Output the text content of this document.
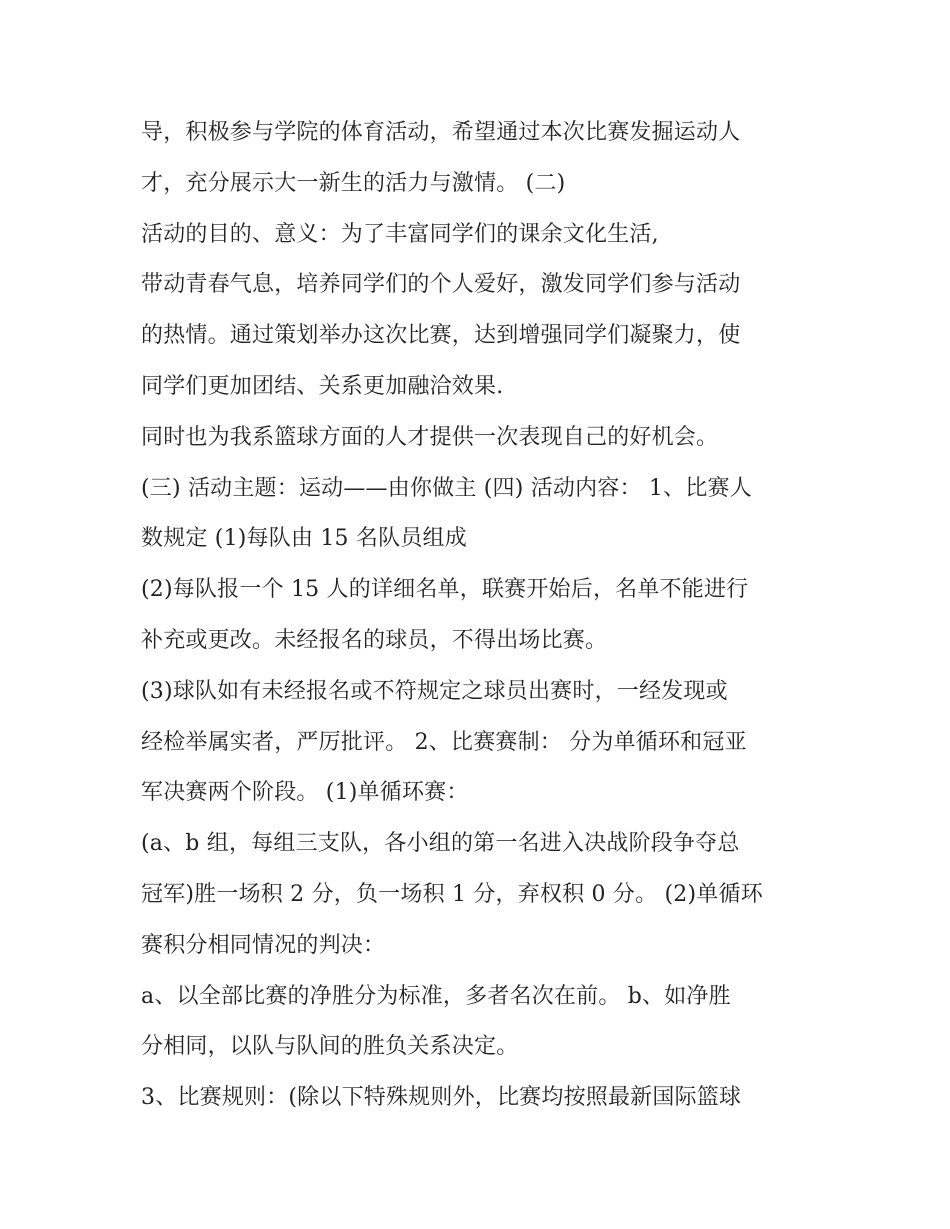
导，积极参与学院的体育活动，希望通过本次比赛发掘运动人
才，充分展示大一新生的活力与激情。 (二)
活动的目的、意义：为了丰富同学们的课余文化生活,
带动青春气息，培养同学们的个人爱好，激发同学们参与活动
的热情。通过策划举办这次比赛，达到增强同学们凝聚力，使
同学们更加团结、关系更加融洽效果.
同时也为我系篮球方面的人才提供一次表现自己的好机会。
(三) 活动主题：运动——由你做主 (四) 活动内容： 1、比赛人
数规定 (1)每队由 15 名队员组成
(2)每队报一个 15 人的详细名单，联赛开始后，名单不能进行
补充或更改。未经报名的球员，不得出场比赛。
(3)球队如有未经报名或不符规定之球员出赛时，一经发现或
经检举属实者，严厉批评。 2、比赛赛制： 分为单循环和冠亚
军决赛两个阶段。 (1)单循环赛：
(a、b 组，每组三支队，各小组的第一名进入决战阶段争夺总
冠军)胜一场积 2 分，负一场积 1 分，弃权积 0 分。 (2)单循环
赛积分相同情况的判决：
a、以全部比赛的净胜分为标准，多者名次在前。 b、如净胜
分相同，以队与队间的胜负关系决定。
3、比赛规则：(除以下特殊规则外，比赛均按照最新国际篮球
